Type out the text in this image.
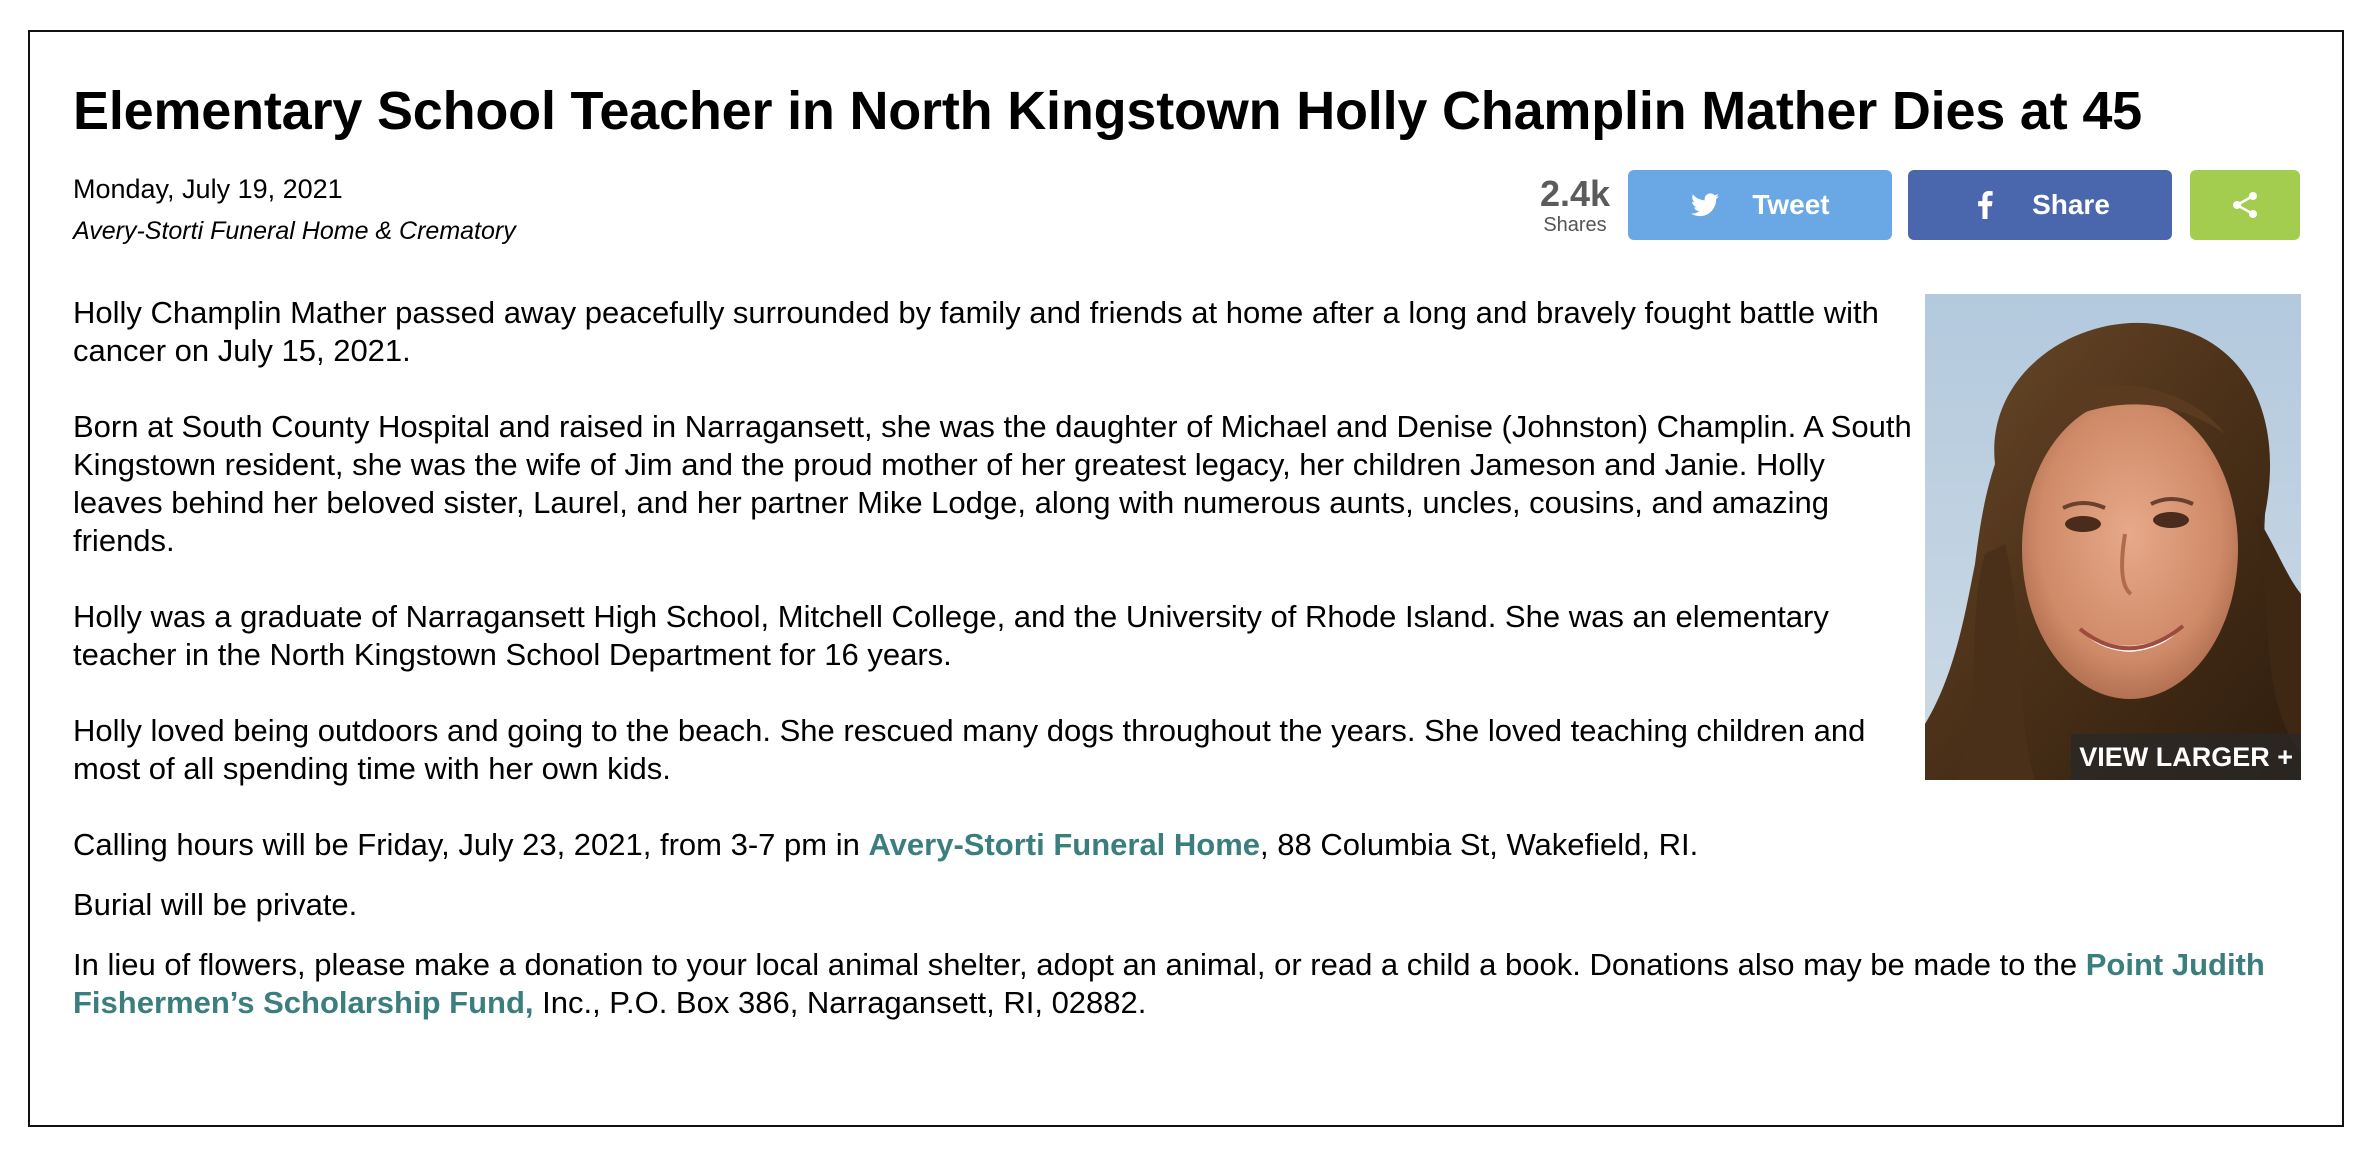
Elementary School Teacher in North Kingstown Holly Champlin Mather Dies at 45
Monday, July 19, 2021
Avery-Storti Funeral Home & Crematory
2.4k
Shares
Tweet	Share

Holly Champlin Mather passed away peacefully surrounded by family and friends at home after a long and bravely fought battle with cancer on July 15, 2021.

Born at South County Hospital and raised in Narragansett, she was the daughter of Michael and Denise (Johnston) Champlin. A South Kingstown resident, she was the wife of Jim and the proud mother of her greatest legacy, her children Jameson and Janie. Holly leaves behind her beloved sister, Laurel, and her partner Mike Lodge, along with numerous aunts, uncles, cousins, and amazing friends.

Holly was a graduate of Narragansett High School, Mitchell College, and the University of Rhode Island. She was an elementary teacher in the North Kingstown School Department for 16 years.

Holly loved being outdoors and going to the beach. She rescued many dogs throughout the years. She loved teaching children and most of all spending time with her own kids.

Calling hours will be Friday, July 23, 2021, from 3-7 pm in Avery-Storti Funeral Home, 88 Columbia St, Wakefield, RI.

Burial will be private.

In lieu of flowers, please make a donation to your local animal shelter, adopt an animal, or read a child a book. Donations also may be made to the Point Judith Fishermen’s Scholarship Fund, Inc., P.O. Box 386, Narragansett, RI, 02882.

VIEW LARGER +
